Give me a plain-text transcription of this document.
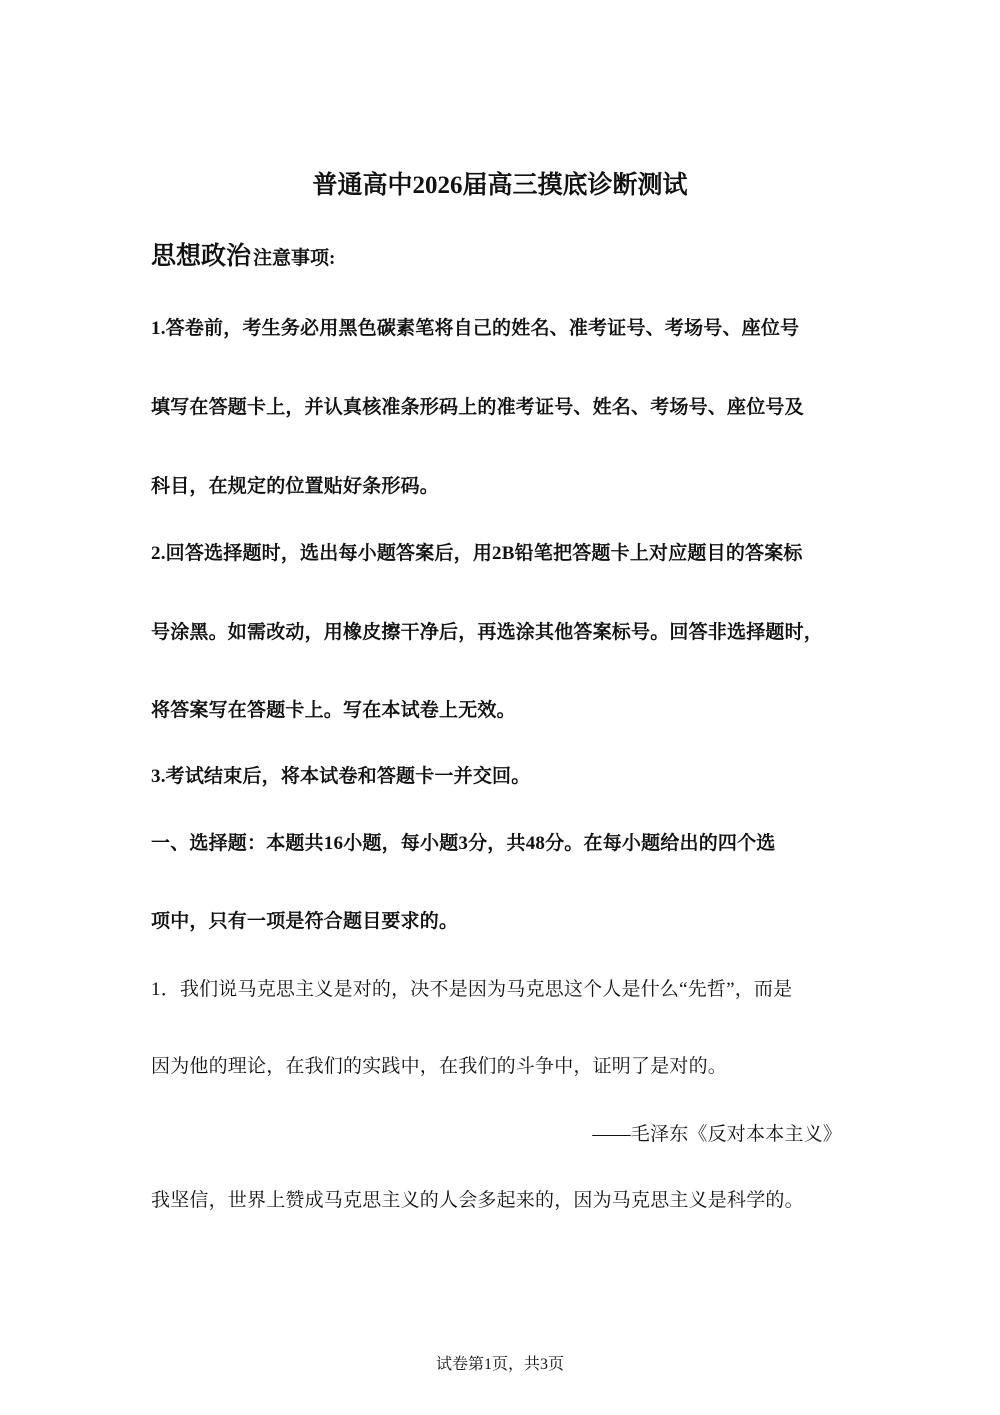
普通高中2026届高三摸底诊断测试
思想政治 注意事项:
1.答卷前，考生务必用黑色碳素笔将自己的姓名、准考证号、考场号、座位号
填写在答题卡上，并认真核准条形码上的准考证号、姓名、考场号、座位号及
科目，在规定的位置贴好条形码。
2.回答选择题时，选出每小题答案后，用2B铅笔把答题卡上对应题目的答案标
号涂黑。如需改动，用橡皮擦干净后，再选涂其他答案标号。回答非选择题时，
将答案写在答题卡上。写在本试卷上无效。
3.考试结束后，将本试卷和答题卡一并交回。
一、选择题：本题共16小题，每小题3分，共48分。在每小题给出的四个选
项中，只有一项是符合题目要求的。
1．我们说马克思主义是对的，决不是因为马克思这个人是什么“先哲”，而是
因为他的理论，在我们的实践中，在我们的斗争中，证明了是对的。
——毛泽东《反对本本主义》
我坚信，世界上赞成马克思主义的人会多起来的，因为马克思主义是科学的。
试卷第1页，共3页
